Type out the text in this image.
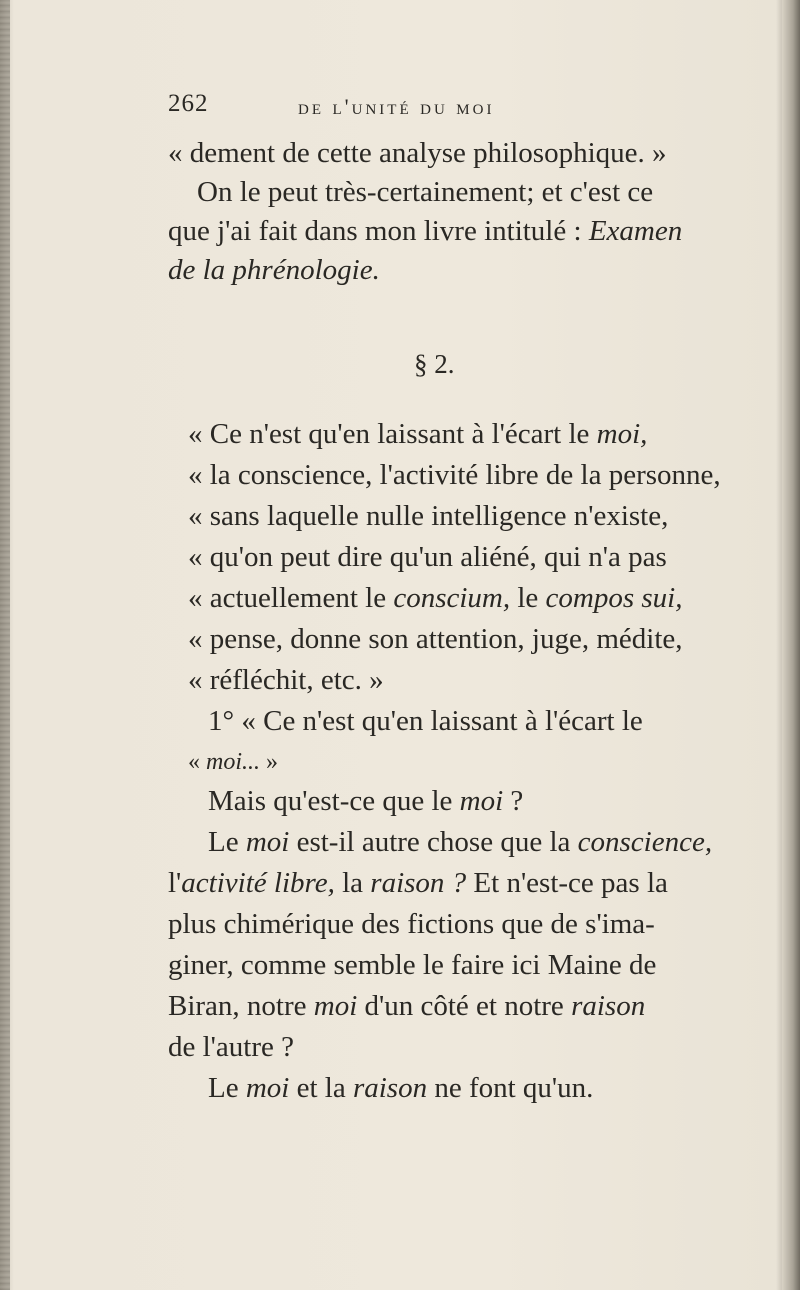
262	de l'unité du moi
« dement de cette analyse philosophique. »
On le peut très-certainement; et c'est ce
que j'ai fait dans mon livre intitulé : Examen
de la phrénologie.
§ 2.
« Ce n'est qu'en laissant à l'écart le moi,
« la conscience, l'activité libre de la personne,
« sans laquelle nulle intelligence n'existe,
« qu'on peut dire qu'un aliéné, qui n'a pas
« actuellement le conscium, le compos sui,
« pense, donne son attention, juge, médite,
« réfléchit, etc. »
1° « Ce n'est qu'en laissant à l'écart le
« moi... »
Mais qu'est-ce que le moi ?
Le moi est-il autre chose que la conscience,
l'activité libre, la raison ? Et n'est-ce pas la
plus chimérique des fictions que de s'ima-
giner, comme semble le faire ici Maine de
Biran, notre moi d'un côté et notre raison
de l'autre ?
Le moi et la raison ne font qu'un.
